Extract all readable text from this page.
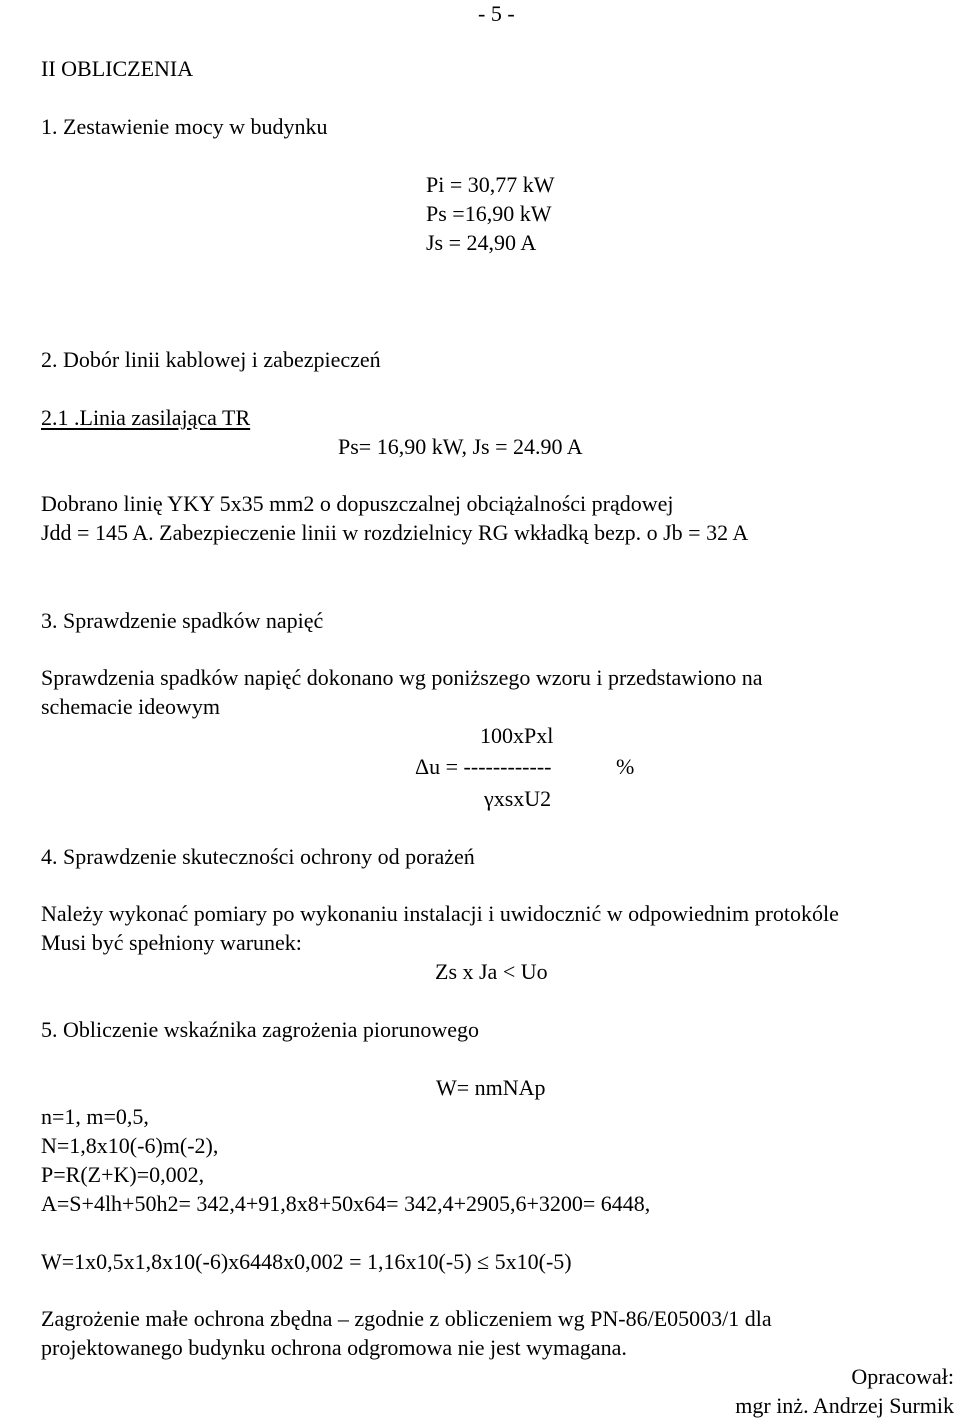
- 5 -
II OBLICZENIA
1. Zestawienie mocy w budynku
Pi = 30,77 kW
Ps =16,90 kW
Js = 24,90 A
2. Dobór linii kablowej i zabezpieczeń
2.1 .Linia zasilająca TR
Ps= 16,90 kW, Js = 24.90 A
Dobrano linię YKY 5x35 mm2 o dopuszczalnej obciążalności prądowej
Jdd = 145 A. Zabezpieczenie linii w rozdzielnicy RG wkładką bezp. o Jb = 32 A
3. Sprawdzenie spadków napięć
Sprawdzenia spadków napięć dokonano wg poniższego wzoru i przedstawiono na
schemacie ideowym
100xPxl
Δu = ------------	%
γxsxU2
4. Sprawdzenie skuteczności ochrony od porażeń
Należy wykonać pomiary po wykonaniu instalacji i uwidocznić w odpowiednim protokóle
Musi być spełniony warunek:
Zs x Ja < Uo
5. Obliczenie wskaźnika zagrożenia piorunowego
W= nmNAp
n=1, m=0,5,
N=1,8x10(-6)m(-2),
P=R(Z+K)=0,002,
A=S+4lh+50h2= 342,4+91,8x8+50x64= 342,4+2905,6+3200= 6448,
W=1x0,5x1,8x10(-6)x6448x0,002 = 1,16x10(-5) ≤ 5x10(-5)
Zagrożenie małe ochrona zbędna – zgodnie z obliczeniem wg PN-86/E05003/1 dla
projektowanego budynku ochrona odgromowa nie jest wymagana.
Opracował:
mgr inż. Andrzej Surmik
